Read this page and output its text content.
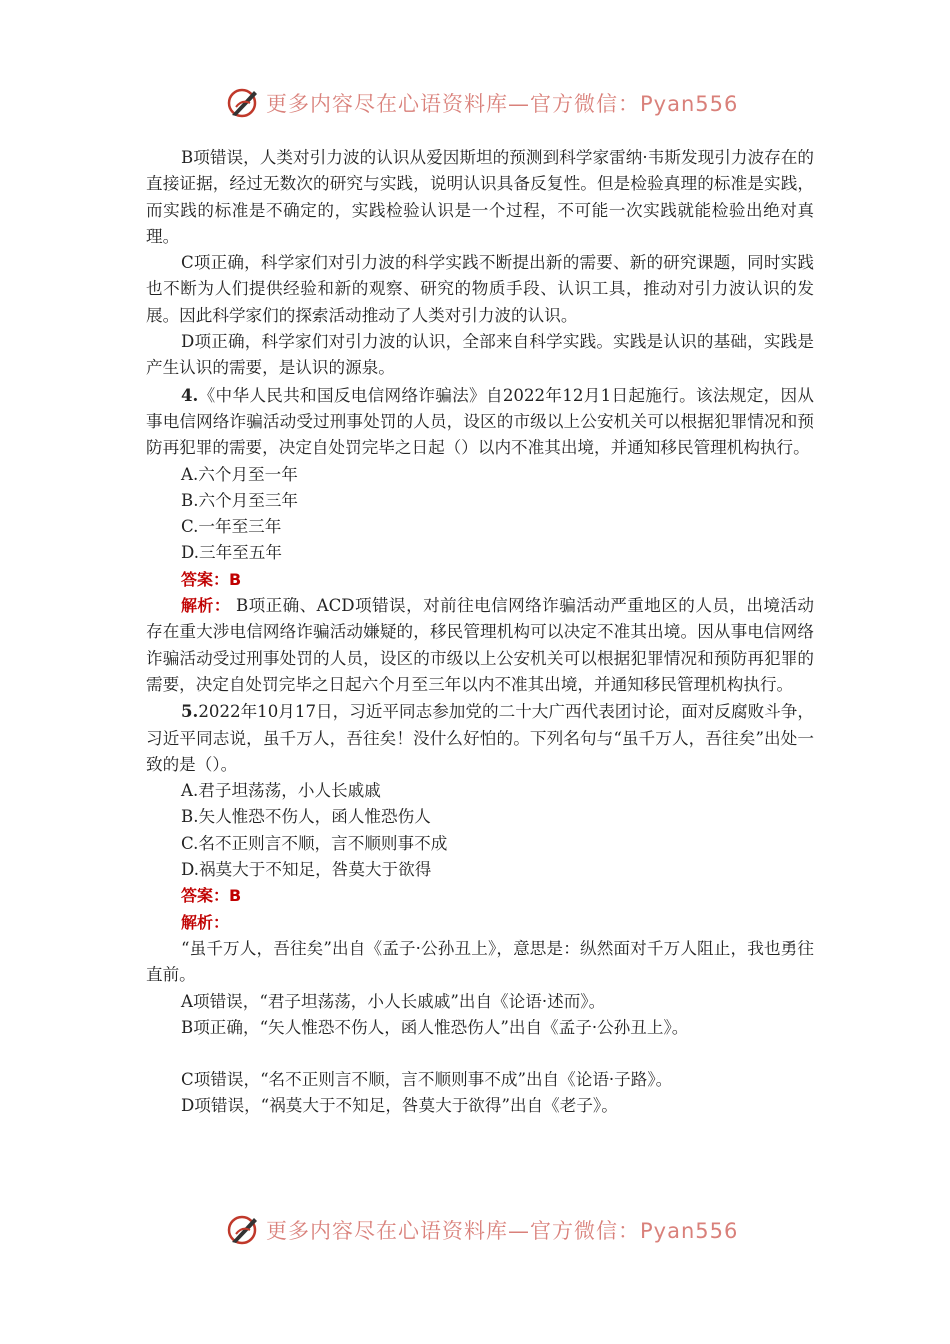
更多内容尽在心语资料库—官方微信：Pyan556

B项错误，人类对引力波的认识从爱因斯坦的预测到科学家雷纳·韦斯发现引力波存在的直接证据，经过无数次的研究与实践，说明认识具备反复性。但是检验真理的标准是实践，而实践的标准是不确定的，实践检验认识是一个过程，不可能一次实践就能检验出绝对真理。

C项正确，科学家们对引力波的科学实践不断提出新的需要、新的研究课题，同时实践也不断为人们提供经验和新的观察、研究的物质手段、认识工具，推动对引力波认识的发展。因此科学家们的探索活动推动了人类对引力波的认识。

D项正确，科学家们对引力波的认识，全部来自科学实践。实践是认识的基础，实践是产生认识的需要，是认识的源泉。

4.《中华人民共和国反电信网络诈骗法》自2022年12月1日起施行。该法规定，因从事电信网络诈骗活动受过刑事处罚的人员，设区的市级以上公安机关可以根据犯罪情况和预防再犯罪的需要，决定自处罚完毕之日起（）以内不准其出境，并通知移民管理机构执行。

A.六个月至一年

B.六个月至三年

C.一年至三年

D.三年至五年

答案：B

解析： B项正确、ACD项错误，对前往电信网络诈骗活动严重地区的人员，出境活动存在重大涉电信网络诈骗活动嫌疑的，移民管理机构可以决定不准其出境。因从事电信网络诈骗活动受过刑事处罚的人员，设区的市级以上公安机关可以根据犯罪情况和预防再犯罪的需要，决定自处罚完毕之日起六个月至三年以内不准其出境，并通知移民管理机构执行。

5.2022年10月17日，习近平同志参加党的二十大广西代表团讨论，面对反腐败斗争，习近平同志说，虽千万人，吾往矣！没什么好怕的。下列名句与“虽千万人，吾往矣”出处一致的是（）。

A.君子坦荡荡，小人长戚戚

B.矢人惟恐不伤人，函人惟恐伤人

C.名不正则言不顺，言不顺则事不成

D.祸莫大于不知足，咎莫大于欲得

答案：B

解析：

“虽千万人，吾往矣”出自《孟子·公孙丑上》，意思是：纵然面对千万人阻止，我也勇往直前。

A项错误，“君子坦荡荡，小人长戚戚”出自《论语·述而》。

B项正确，“矢人惟恐不伤人，函人惟恐伤人”出自《孟子·公孙丑上》。

C项错误，“名不正则言不顺，言不顺则事不成”出自《论语·子路》。

D项错误，“祸莫大于不知足，咎莫大于欲得”出自《老子》。

更多内容尽在心语资料库—官方微信：Pyan556
